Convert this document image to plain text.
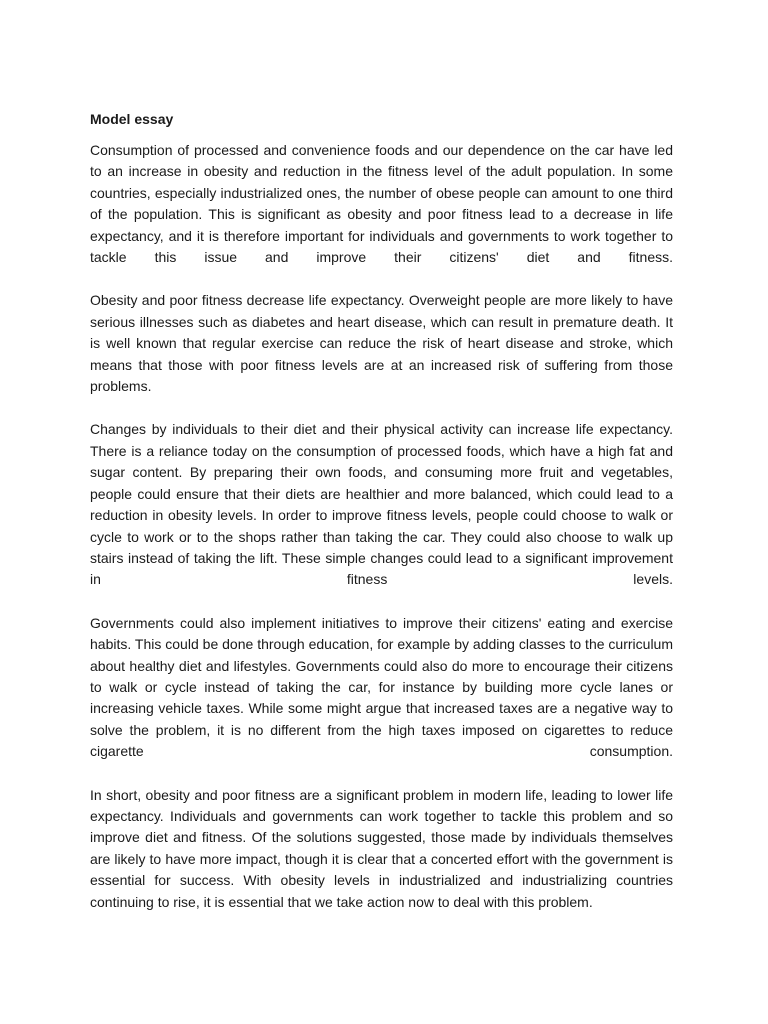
Model essay

Consumption of processed and convenience foods and our dependence on the car have led to an increase in obesity and reduction in the fitness level of the adult population. In some countries, especially industrialized ones, the number of obese people can amount to one third of the population. This is significant as obesity and poor fitness lead to a decrease in life expectancy, and it is therefore important for individuals and governments to work together to tackle this issue and improve their citizens' diet and fitness.

Obesity and poor fitness decrease life expectancy. Overweight people are more likely to have serious illnesses such as diabetes and heart disease, which can result in premature death. It is well known that regular exercise can reduce the risk of heart disease and stroke, which means that those with poor fitness levels are at an increased risk of suffering from those problems.

Changes by individuals to their diet and their physical activity can increase life expectancy. There is a reliance today on the consumption of processed foods, which have a high fat and sugar content. By preparing their own foods, and consuming more fruit and vegetables, people could ensure that their diets are healthier and more balanced, which could lead to a reduction in obesity levels. In order to improve fitness levels, people could choose to walk or cycle to work or to the shops rather than taking the car. They could also choose to walk up stairs instead of taking the lift. These simple changes could lead to a significant improvement in fitness levels.

Governments could also implement initiatives to improve their citizens' eating and exercise habits. This could be done through education, for example by adding classes to the curriculum about healthy diet and lifestyles. Governments could also do more to encourage their citizens to walk or cycle instead of taking the car, for instance by building more cycle lanes or increasing vehicle taxes. While some might argue that increased taxes are a negative way to solve the problem, it is no different from the high taxes imposed on cigarettes to reduce cigarette consumption.

In short, obesity and poor fitness are a significant problem in modern life, leading to lower life expectancy. Individuals and governments can work together to tackle this problem and so improve diet and fitness. Of the solutions suggested, those made by individuals themselves are likely to have more impact, though it is clear that a concerted effort with the government is essential for success. With obesity levels in industrialized and industrializing countries continuing to rise, it is essential that we take action now to deal with this problem.
